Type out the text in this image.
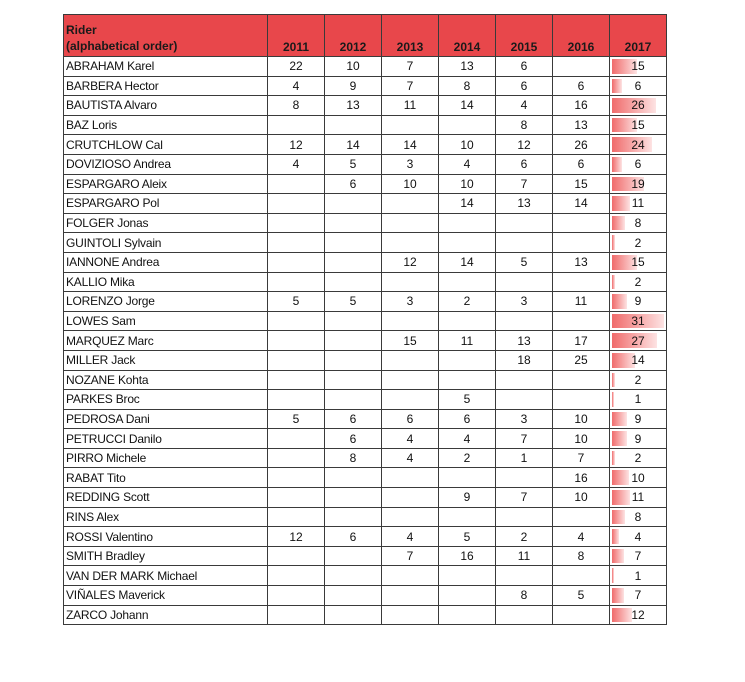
Rider
(alphabetical order)	2011	2012	2013	2014	2015	2016	2017
ABRAHAM Karel	22	10	7	13	6		15
BARBERA Hector	4	9	7	8	6	6	6
BAUTISTA Alvaro	8	13	11	14	4	16	26
BAZ Loris					8	13	15
CRUTCHLOW Cal	12	14	14	10	12	26	24
DOVIZIOSO Andrea	4	5	3	4	6	6	6
ESPARGARO Aleix		6	10	10	7	15	19
ESPARGARO Pol				14	13	14	11
FOLGER Jonas							8
GUINTOLI Sylvain							2
IANNONE Andrea			12	14	5	13	15
KALLIO Mika							2
LORENZO Jorge	5	5	3	2	3	11	9
LOWES Sam							31
MARQUEZ Marc			15	11	13	17	27
MILLER Jack					18	25	14
NOZANE Kohta							2
PARKES Broc				5			1
PEDROSA Dani	5	6	6	6	3	10	9
PETRUCCI Danilo		6	4	4	7	10	9
PIRRO Michele		8	4	2	1	7	2
RABAT Tito						16	10
REDDING Scott				9	7	10	11
RINS Alex							8
ROSSI Valentino	12	6	4	5	2	4	4
SMITH Bradley			7	16	11	8	7
VAN DER MARK Michael							1
VIÑALES Maverick					8	5	7
ZARCO Johann							12
